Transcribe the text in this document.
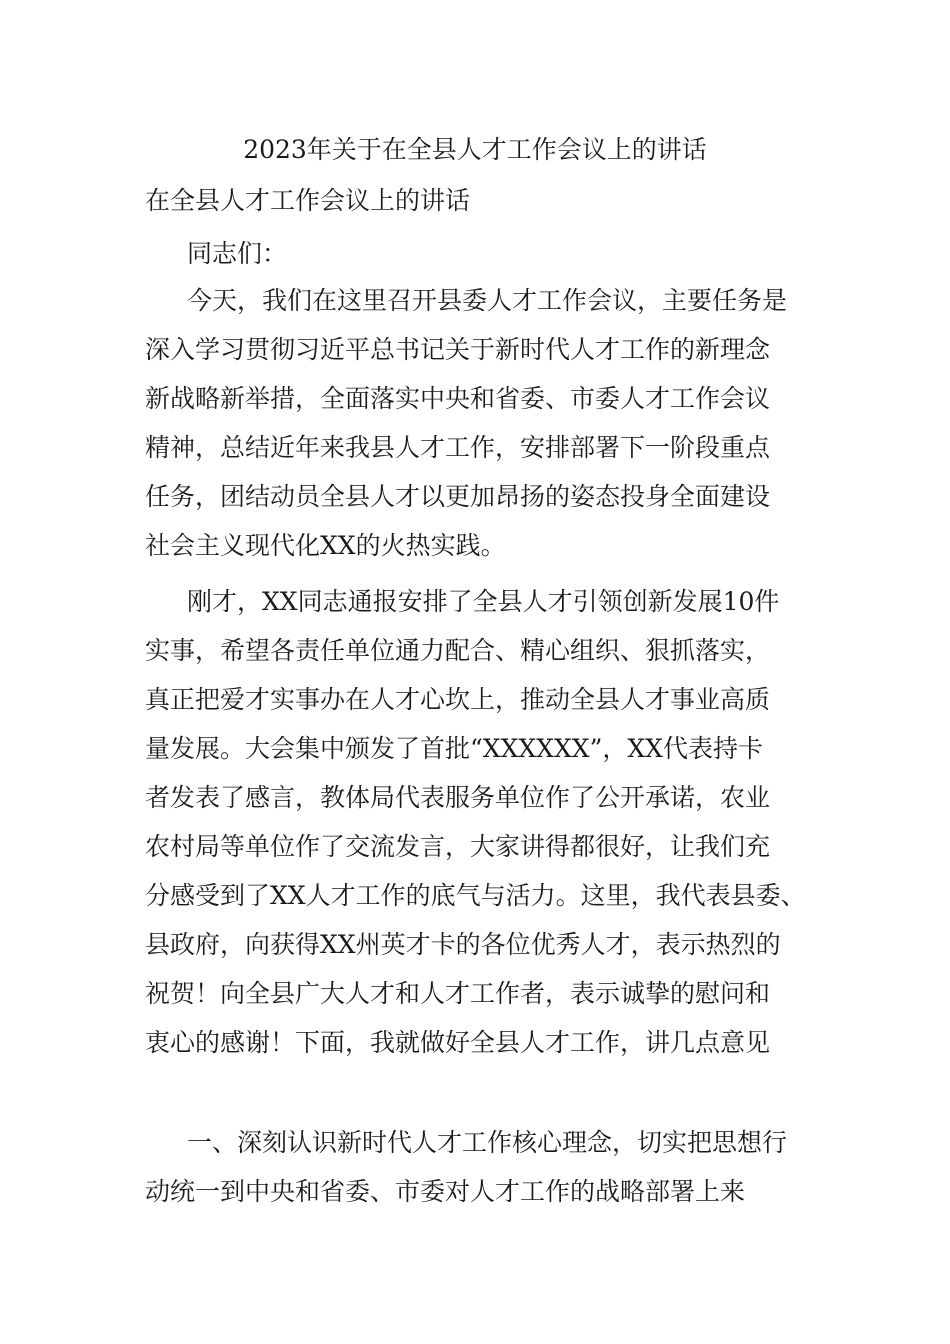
2023年关于在全县人才工作会议上的讲话
在全县人才工作会议上的讲话
同志们：
今天，我们在这里召开县委人才工作会议，主要任务是
深入学习贯彻习近平总书记关于新时代人才工作的新理念
新战略新举措，全面落实中央和省委、市委人才工作会议
精神，总结近年来我县人才工作，安排部署下一阶段重点
任务，团结动员全县人才以更加昂扬的姿态投身全面建设
社会主义现代化XX的火热实践。
刚才，XX同志通报安排了全县人才引领创新发展10件
实事，希望各责任单位通力配合、精心组织、狠抓落实，
真正把爱才实事办在人才心坎上，推动全县人才事业高质
量发展。大会集中颁发了首批“XXXXXX”，XX代表持卡
者发表了感言，教体局代表服务单位作了公开承诺，农业
农村局等单位作了交流发言，大家讲得都很好，让我们充
分感受到了XX人才工作的底气与活力。这里，我代表县委、
县政府，向获得XX州英才卡的各位优秀人才，表示热烈的
祝贺！向全县广大人才和人才工作者，表示诚挚的慰问和
衷心的感谢！下面，我就做好全县人才工作，讲几点意见
一、深刻认识新时代人才工作核心理念，切实把思想行
动统一到中央和省委、市委对人才工作的战略部署上来
